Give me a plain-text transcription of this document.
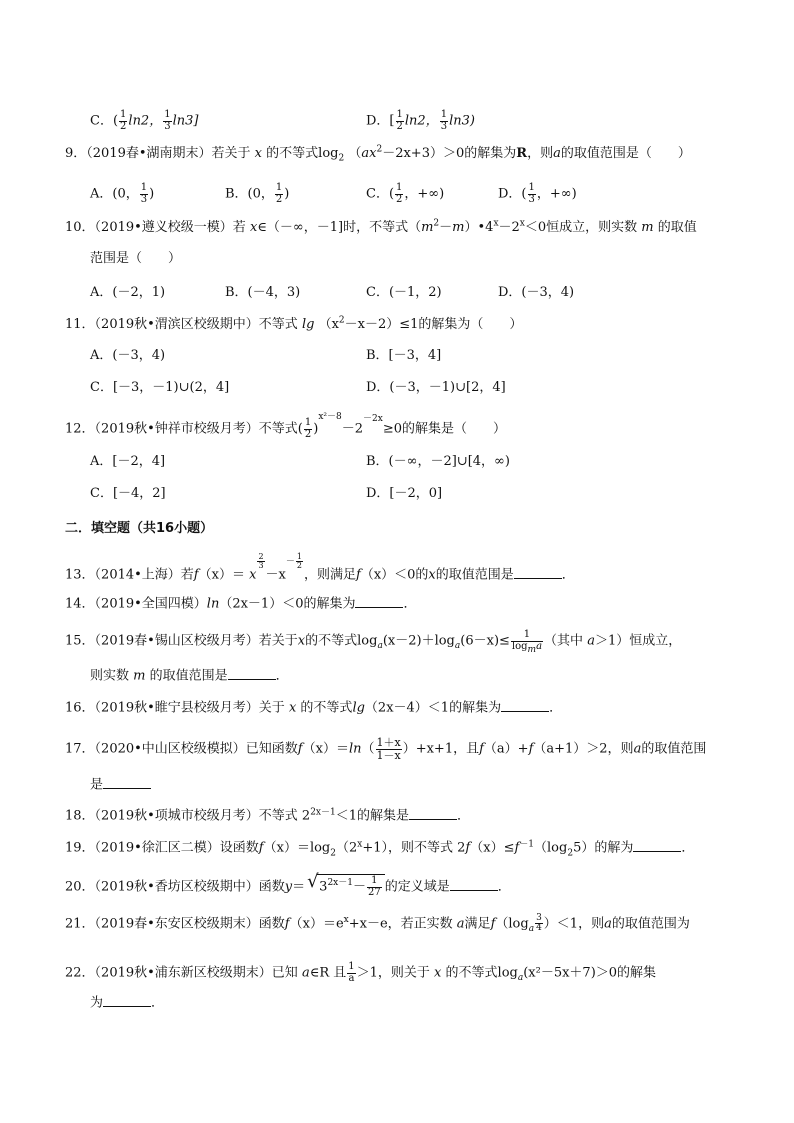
C．( $\frac{1}{2} \ln 2$， $\frac{1}{3} \ln 3$]	D．[ $\frac{1}{2} \ln 2$， $\frac{1}{3} \ln 3$)
9．（2019春•湖南期末）若关于 x 的不等式$\log_2 (ax^2-2x+3)>0$的解集为R，则a的取值范围是（　　）
A．(0， $\frac{1}{3}$ )	B．(0， $\frac{1}{2}$ )	C．( $\frac{1}{2}$ ，+∞)	D．( $\frac{1}{3}$ ，+∞)
10．（2019•遵义校级一模）若 x∈（－∞，－1]时，不等式$(m^2-m)•4^x-2^x<0$恒成立，则实数 m 的取值
范围是（　　）
A．(－2，1)	B．(－4，3)	C．(－1，2)	D．(－3，4)
11．（2019秋•渭滨区校级期中）不等式 $\lg (x^2-x-2)\le 1$的解集为（　　）
A．(－3，4)	B．[－3，4]
C．[－3，－1)∪(2，4]	D．(－3，－1)∪[2，4]
12．（2019秋•钟祥市校级月考）不等式( $\frac{1}{2} )^{x^2-8}-2^{-2x}\ge 0$的解集是（　　）
A．[－2，4]	B．(－∞，－2]∪[4，∞)
C．[－4，2]	D．[－2，0]
二．填空题（共16小题）
13．（2014•上海）若f（x）＝ x
$^{\frac{2}{3}}$
$-x^{- \frac{1}{2}}$
，则满足f（x）＜0的x的取值范围是	．
14．（2019•全国四模）ln（2x－1）＜0的解集为	．
15．（2019春•锡山区校级月考）若关于x的不等式$\log_a(x-2)+\log_a(6-x)\le \frac{1}{\log_ma}$ （其中 a＞1）恒成立，
则实数 m 的取值范围是	．
16．（2019秋•睢宁县校级月考）关于 x 的不等式lg（2x－4）＜1的解集为	．
17．（2020•中山区校级模拟）已知函数$f(x)=\ln( \frac{1+x}{1-x} )+x+1$，且f（a）+f（a+1）＞2，则a的取值范围
是
18．（2019秋•项城市校级月考）不等式 $2^{2x-1}<1$的解集是	．
19．（2019•徐汇区二模）设函数$f(x)=\log_2(2^x+1)$，则不等式 $2f(x)\le f^{-1}(\log_25)$的解为	．
20．（2019秋•香坊区校级期中）函数y＝√ $3^{2x-1}- \frac{1}{27}$ 的定义域是	．
21．（2019春•东安区校级期末）函数$f(x)=e^x+x-e$，若正实数 a满足$f(\log_a \frac{3}{4} )<1$，则a的取值范围为
22．（2019秋•浦东新区校级期末）已知 a∈R 且 $\frac{1}{a} >1$，则关于 x 的不等式$\log_a(x^2-5x+7)>0$的解集
为	．
